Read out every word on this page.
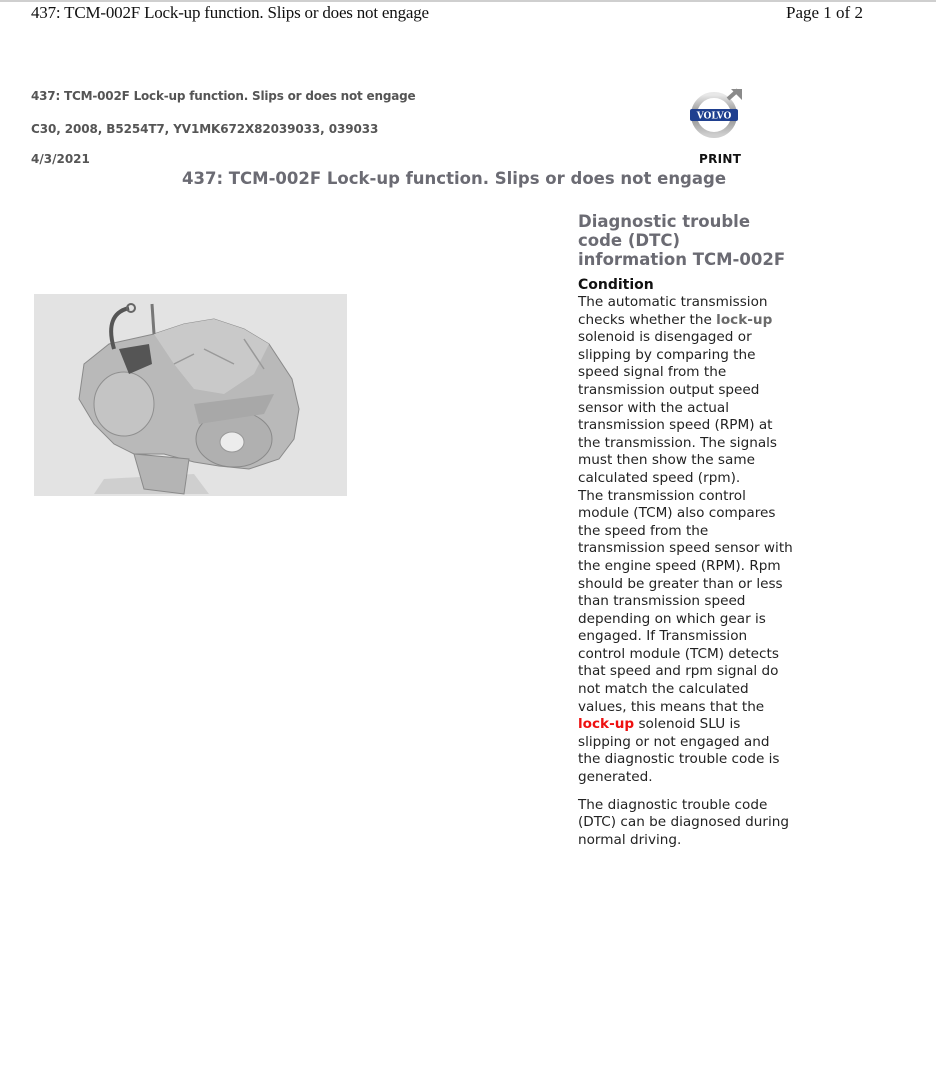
437: TCM-002F Lock-up function. Slips or does not engage	Page 1 of 2
437: TCM-002F Lock-up function. Slips or does not engage
C30, 2008, B5254T7, YV1MK672X82039033, 039033
4/3/2021
VOLVO
PRINT
437: TCM-002F Lock-up function. Slips or does not engage
Diagnostic trouble code (DTC) information TCM-002F
Condition

The automatic transmission checks whether the lock-up solenoid is disengaged or slipping by comparing the speed signal from the transmission output speed sensor with the actual transmission speed (RPM) at the transmission. The signals must then show the same calculated speed (rpm).
The transmission control module (TCM) also compares the speed from the transmission speed sensor with the engine speed (RPM). Rpm should be greater than or less than transmission speed depending on which gear is engaged. If Transmission control module (TCM) detects that speed and rpm signal do not match the calculated values, this means that the lock-up solenoid SLU is slipping or not engaged and the diagnostic trouble code is generated.

The diagnostic trouble code (DTC) can be diagnosed during normal driving.
